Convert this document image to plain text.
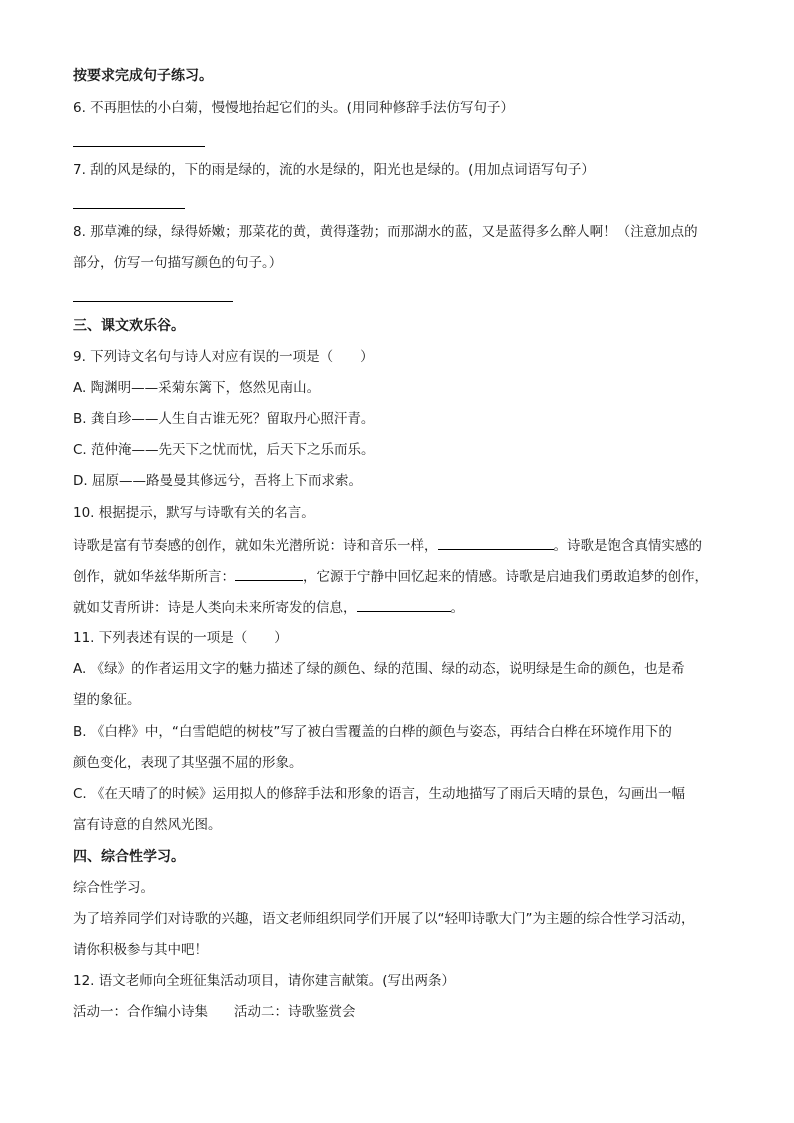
按要求完成句子练习。
6. 不再胆怯的小白菊，慢慢地抬起它们的头。(用同种修辞手法仿写句子）
7. 刮的风是绿的，下的雨是绿的，流的水是绿的，阳光也是绿的。(用加点词语写句子）
8. 那草滩的绿，绿得娇嫩；那菜花的黄，黄得蓬勃；而那湖水的蓝，又是蓝得多么醉人啊！（注意加点的
部分，仿写一句描写颜色的句子。）
三、课文欢乐谷。
9. 下列诗文名句与诗人对应有误的一项是（　　）
A. 陶渊明——采菊东篱下，悠然见南山。
B. 龚自珍——人生自古谁无死？留取丹心照汗青。
C. 范仲淹——先天下之忧而忧，后天下之乐而乐。
D. 屈原——路曼曼其修远兮，吾将上下而求索。
10. 根据提示，默写与诗歌有关的名言。
诗歌是富有节奏感的创作，就如朱光潜所说：诗和音乐一样，	。诗歌是饱含真情实感的
创作，就如华兹华斯所言：	，它源于宁静中回忆起来的情感。诗歌是启迪我们勇敢追梦的创作，
就如艾青所讲：诗是人类向未来所寄发的信息，	。
11. 下列表述有误的一项是（　　）
A. 《绿》的作者运用文字的魅力描述了绿的颜色、绿的范围、绿的动态，说明绿是生命的颜色，也是希
望的象征。
B. 《白桦》中，“白雪皑皑的树枝”写了被白雪覆盖的白桦的颜色与姿态，再结合白桦在环境作用下的
颜色变化，表现了其坚强不屈的形象。
C. 《在天晴了的时候》运用拟人的修辞手法和形象的语言，生动地描写了雨后天晴的景色，勾画出一幅
富有诗意的自然风光图。
四、综合性学习。
综合性学习。
为了培养同学们对诗歌的兴趣，语文老师组织同学们开展了以“轻叩诗歌大门”为主题的综合性学习活动，
请你积极参与其中吧！
12. 语文老师向全班征集活动项目，请你建言献策。(写出两条）
活动一：合作编小诗集 活动二：诗歌鉴赏会
